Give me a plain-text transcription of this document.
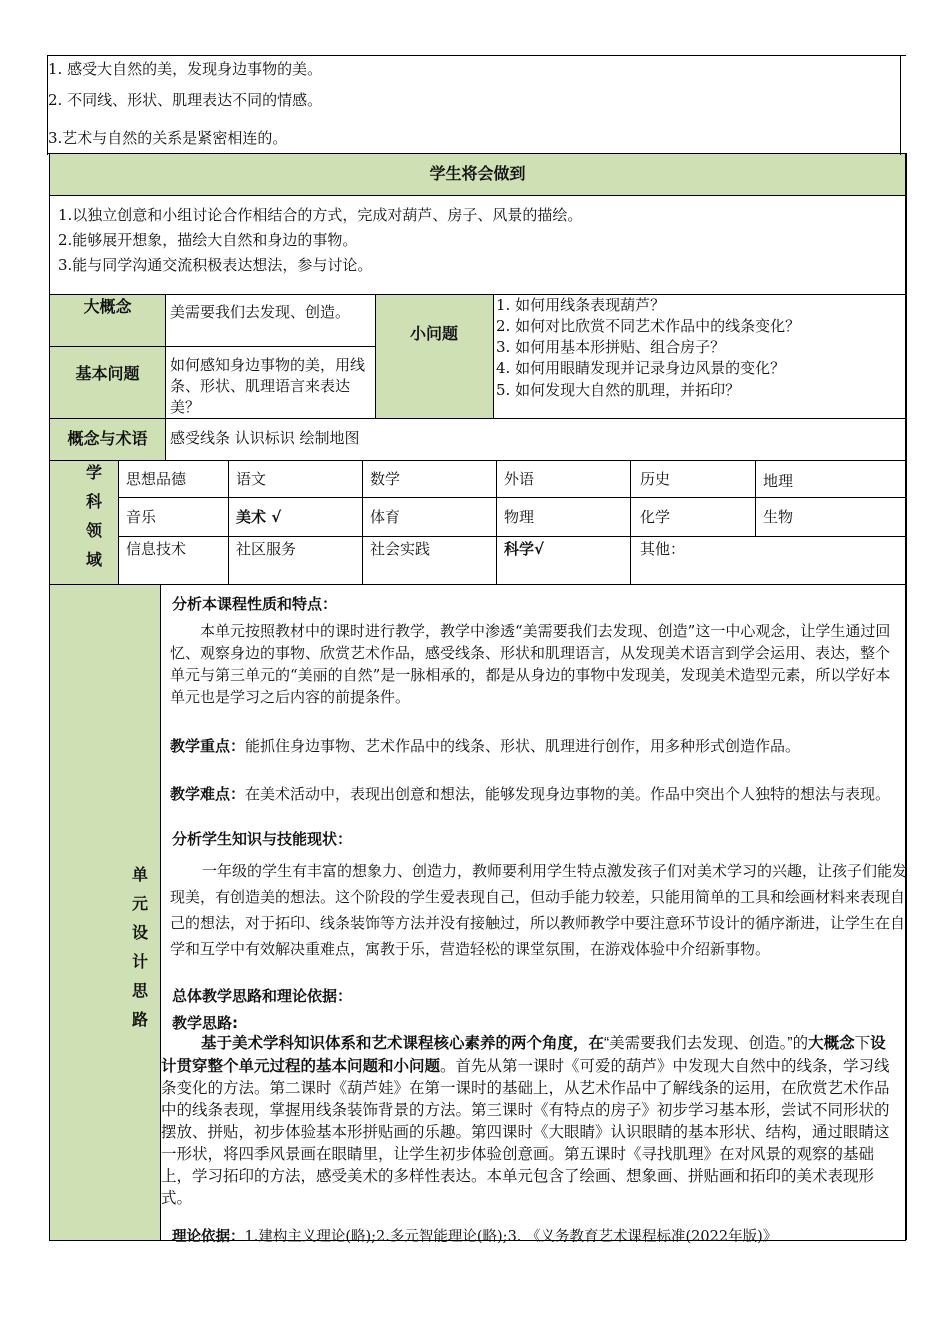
1. 感受大自然的美，发现身边事物的美。
2. 不同线、形状、肌理表达不同的情感。
3.艺术与自然的关系是紧密相连的。
学生将会做到
1.以独立创意和小组讨论合作相结合的方式，完成对葫芦、房子、风景的描绘。
2.能够展开想象，描绘大自然和身边的事物。
3.能与同学沟通交流积极表达想法，参与讨论。
大概念	美需要我们去发现、创造。
基本问题	如何感知身边事物的美，用线条、形状、肌理语言来表达美？
小问题
1. 如何用线条表现葫芦？
2. 如何对比欣赏不同艺术作品中的线条变化？
3. 如何用基本形拼贴、组合房子？
4. 如何用眼睛发现并记录身边风景的变化？
5. 如何发现大自然的肌理，并拓印？
概念与术语	感受线条 认识标识 绘制地图
学
科
领
域
思想品德	语文	数学	外语	历史	地理
音乐	美术 √	体育	物理	化学	生物
信息技术	社区服务	社会实践	科学√	其他：
单
元
设
计
思
路
分析本课程性质和特点：
本单元按照教材中的课时进行教学，教学中渗透“美需要我们去发现、创造”这一中心观念，让学生通过回忆、观察身边的事物、欣赏艺术作品，感受线条、形状和肌理语言，从发现美术语言到学会运用、表达，整个单元与第三单元的“美丽的自然”是一脉相承的，都是从身边的事物中发现美，发现美术造型元素，所以学好本单元也是学习之后内容的前提条件。
教学重点：能抓住身边事物、艺术作品中的线条、形状、肌理进行创作，用多种形式创造作品。
教学难点：在美术活动中，表现出创意和想法，能够发现身边事物的美。作品中突出个人独特的想法与表现。
分析学生知识与技能现状：
一年级的学生有丰富的想象力、创造力，教师要利用学生特点激发孩子们对美术学习的兴趣，让孩子们能发现美，有创造美的想法。这个阶段的学生爱表现自己，但动手能力较差，只能用简单的工具和绘画材料来表现自己的想法，对于拓印、线条装饰等方法并没有接触过，所以教师教学中要注意环节设计的循序渐进，让学生在自学和互学中有效解决重难点，寓教于乐，营造轻松的课堂氛围，在游戏体验中介绍新事物。
总体教学思路和理论依据：
教学思路:
基于美术学科知识体系和艺术课程核心素养的两个角度，在“美需要我们去发现、创造。”的大概念下设计贯穿整个单元过程的基本问题和小问题。首先从第一课时《可爱的葫芦》中发现大自然中的线条，学习线条变化的方法。第二课时《葫芦娃》在第一课时的基础上，从艺术作品中了解线条的运用，在欣赏艺术作品中的线条表现，掌握用线条装饰背景的方法。第三课时《有特点的房子》初步学习基本形，尝试不同形状的摆放、拼贴，初步体验基本形拼贴画的乐趣。第四课时《大眼睛》认识眼睛的基本形状、结构，通过眼睛这一形状，将四季风景画在眼睛里，让学生初步体验创意画。第五课时《寻找肌理》在对风景的观察的基础上，学习拓印的方法，感受美术的多样性表达。本单元包含了绘画、想象画、拼贴画和拓印的美术表现形式。
理论依据：1.建构主义理论(略);2.多元智能理论(略);3. 《义务教育艺术课程标准(2022年版)》
